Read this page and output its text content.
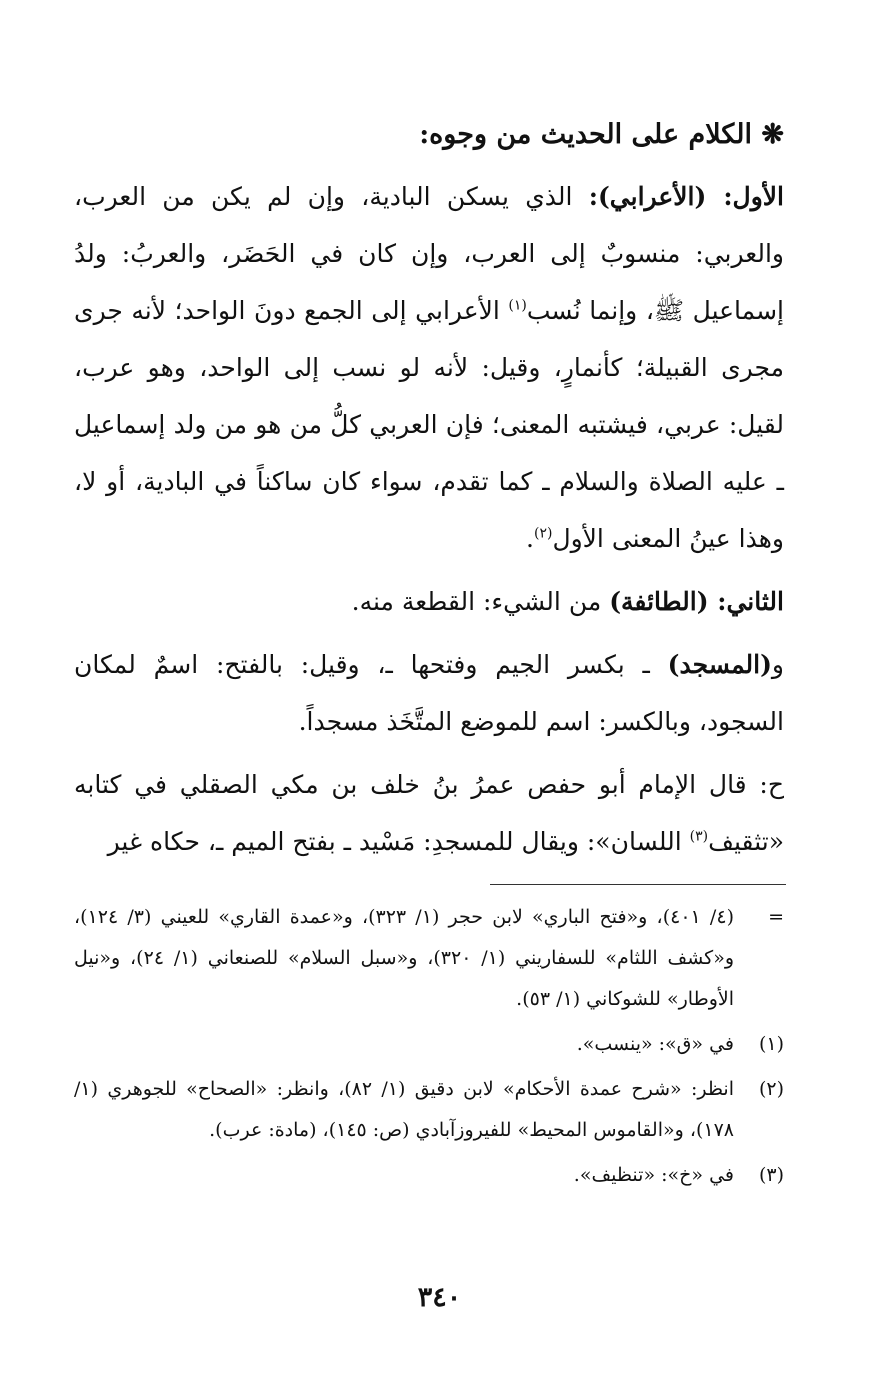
❋ الكلام على الحديث من وجوه:

الأول: (الأعرابي): الذي يسكن البادية، وإن لم يكن من العرب، والعربي: منسوبٌ إلى العرب، وإن كان في الحَضَر، والعربُ: ولدُ إسماعيل ﷺ، وإنما نُسب$^{(١)}$ الأعرابي إلى الجمع دونَ الواحد؛ لأنه جرى مجرى القبيلة؛ كأنمارٍ، وقيل: لأنه لو نسب إلى الواحد، وهو عرب، لقيل: عربي، فيشتبه المعنى؛ فإن العربي كلُّ من هو من ولد إسماعيل ـ عليه الصلاة والسلام ـ كما تقدم، سواء كان ساكناً في البادية، أو لا، وهذا عينُ المعنى الأول$^{(٢)}$.

الثاني: (الطائفة) من الشيء: القطعة منه.

و(المسجد) ـ بكسر الجيم وفتحها ـ، وقيل: بالفتح: اسمٌ لمكان السجود، وبالكسر: اسم للموضع المتَّخَذ مسجداً.

ح: قال الإمام أبو حفص عمرُ بنُ خلف بن مكي الصقلي في كتابه «تثقيف$^{(٣)}$ اللسان»: ويقال للمسجدِ: مَسْيد ـ بفتح الميم ـ، حكاه غير

=
(٤/ ٤٠١)، و«فتح الباري» لابن حجر (١/ ٣٢٣)، و«عمدة القاري» للعيني (٣/ ١٢٤)، و«كشف اللثام» للسفاريني (١/ ٣٢٠)، و«سبل السلام» للصنعاني (١/ ٢٤)، و«نيل الأوطار» للشوكاني (١/ ٥٣).
(١)
في «ق»: «ينسب».
(٢)
انظر: «شرح عمدة الأحكام» لابن دقيق (١/ ٨٢)، وانظر: «الصحاح» للجوهري (١/ ١٧٨)، و«القاموس المحيط» للفيروزآبادي (ص: ١٤٥)، (مادة: عرب).
(٣)
في «خ»: «تنظيف».
٣٤٠
